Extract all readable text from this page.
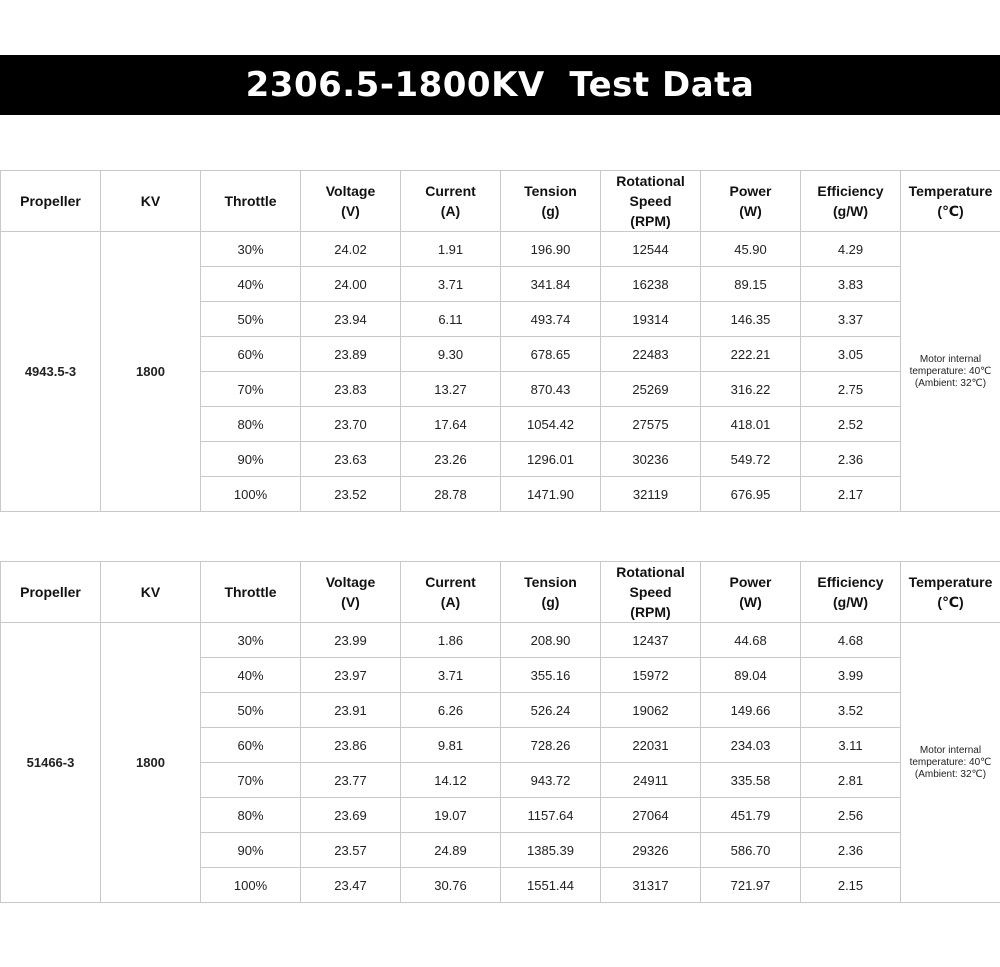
2306.5-1800KV  Test Data
Propeller	KV	Throttle	Voltage
(V)	Current
(A)	Tension
(g)	Rotational Speed
(RPM)	Power
(W)	Efficiency
(g/W)	Temperature
(℃)

4943.5-3	1800	30%	24.02	1.91	196.90	12544	45.90	4.29	Motor internal
temperature: 40℃
(Ambient: 32℃)

		40%	24.00	3.71	341.84	16238	89.15	3.83	
		50%	23.94	6.11	493.74	19314	146.35	3.37	
		60%	23.89	9.30	678.65	22483	222.21	3.05	
		70%	23.83	13.27	870.43	25269	316.22	2.75	
		80%	23.70	17.64	1054.42	27575	418.01	2.52	
		90%	23.63	23.26	1296.01	30236	549.72	2.36	
		100%	23.52	28.78	1471.90	32119	676.95	2.17	
Propeller	KV	Throttle	Voltage
(V)	Current
(A)	Tension
(g)	Rotational Speed
(RPM)	Power
(W)	Efficiency
(g/W)	Temperature
(℃)

51466-3	1800	30%	23.99	1.86	208.90	12437	44.68	4.68	Motor internal
temperature: 40℃
(Ambient: 32℃)

		40%	23.97	3.71	355.16	15972	89.04	3.99	
		50%	23.91	6.26	526.24	19062	149.66	3.52	
		60%	23.86	9.81	728.26	22031	234.03	3.11	
		70%	23.77	14.12	943.72	24911	335.58	2.81	
		80%	23.69	19.07	1157.64	27064	451.79	2.56	
		90%	23.57	24.89	1385.39	29326	586.70	2.36	
		100%	23.47	30.76	1551.44	31317	721.97	2.15	
